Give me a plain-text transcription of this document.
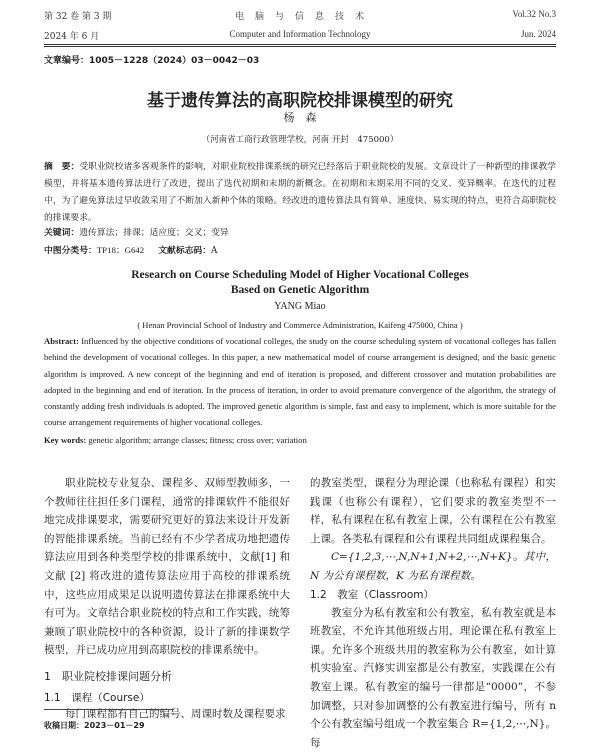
第 32 卷 第 3 期	电　脑　与　信　息　技　术	Vol.32 No.3
2024 年 6 月	Computer and Information Technology	Jun. 2024
文章编号：1005－1228（2024）03－0042－03
基于遗传算法的高职院校排课模型的研究
杨　森
（河南省工商行政管理学校，河南 开封　475000）
摘　要：受职业院校诸多客观条件的影响，对职业院校排课系统的研究已经落后于职业院校的发展。文章设计了一种新型的排课教学模型，并将基本遗传算法进行了改进，提出了迭代初期和末期的新概念。在初期和末期采用不同的交叉、变异概率。在迭代的过程中，为了避免算法过早收敛采用了不断加入新种个体的策略。经改进的遗传算法具有简单、速度快、易实现的特点，更符合高职院校的排课要求。
关键词：遗传算法；排课；适应度；交叉；变异
中图分类号：TP18；G642 文献标志码：A
Research on Course Scheduling Model of Higher Vocational Colleges
Based on Genetic Algorithm
YANG Miao
( Henan Provincial School of Industry and Commerce Administration, Kaifeng 475000, China )
Abstract: Influenced by the objective conditions of vocational colleges, the study on the course scheduling system of vocational colleges has fallen behind the development of vocational colleges. In this paper, a new mathematical model of course arrangement is designed, and the basic genetic algorithm is improved. A new concept of the beginning and end of iteration is proposed, and different crossover and mutation probabilities are adopted in the beginning and end of iteration. In the process of iteration, in order to avoid premature convergence of the algorithm, the strategy of constantly adding fresh individuals is adopted. The improved genetic algorithm is simple, fast and easy to implement, which is more suitable for the course arrangement requirements of higher vocational colleges.
Key words: genetic algorithm; arrange classes; fitness; cross over; variation

职业院校专业复杂、课程多、双师型教师多，一个教师往往担任多门课程，通常的排课软件不能很好地完成排课要求，需要研究更好的算法来设计开发新的智能排课系统。当前已经有不少学者成功地把遗传算法应用到各种类型学校的排课系统中，文献[1] 和文献 [2] 将改进的遗传算法应用于高校的排课系统中，这些应用成果足以说明遗传算法在排课系统中大有可为。文章结合职业院校的特点和工作实践，统筹兼顾了职业院校中的各种资源，设计了新的排课数学模型，并已成功应用到高职院校的排课系统中。

1　职业院校排课问题分析

1.1　课程（Course）

每门课程都有自己的编号、周课时数及课程要求

的教室类型，课程分为理论课（也称私有课程）和实践课（也称公有课程），它们要求的教室类型不一样，私有课程在私有教室上课，公有课程在公有教室上课。各类私有课程和公有课程共同组成课程集合。

C={1,2,3,⋯,N,N+1,N+2,⋯,N+K}。其中，N 为公有课程数，K 为私有课程数。

1.2　教室（Classroom）

教室分为私有教室和公有教室，私有教室就是本班教室，不允许其他班级占用，理论课在私有教室上课。允许多个班级共用的教室称为公有教室，如计算机实验室、汽修实训室都是公有教室，实践课在公有教室上课。私有教室的编号一律都是“0000”，不参加调整，只对参加调整的公有教室进行编号，所有 n 个公有教室编号组成一个教室集合 R={1,2,⋯,N}。每

收稿日期：2023－01－29
